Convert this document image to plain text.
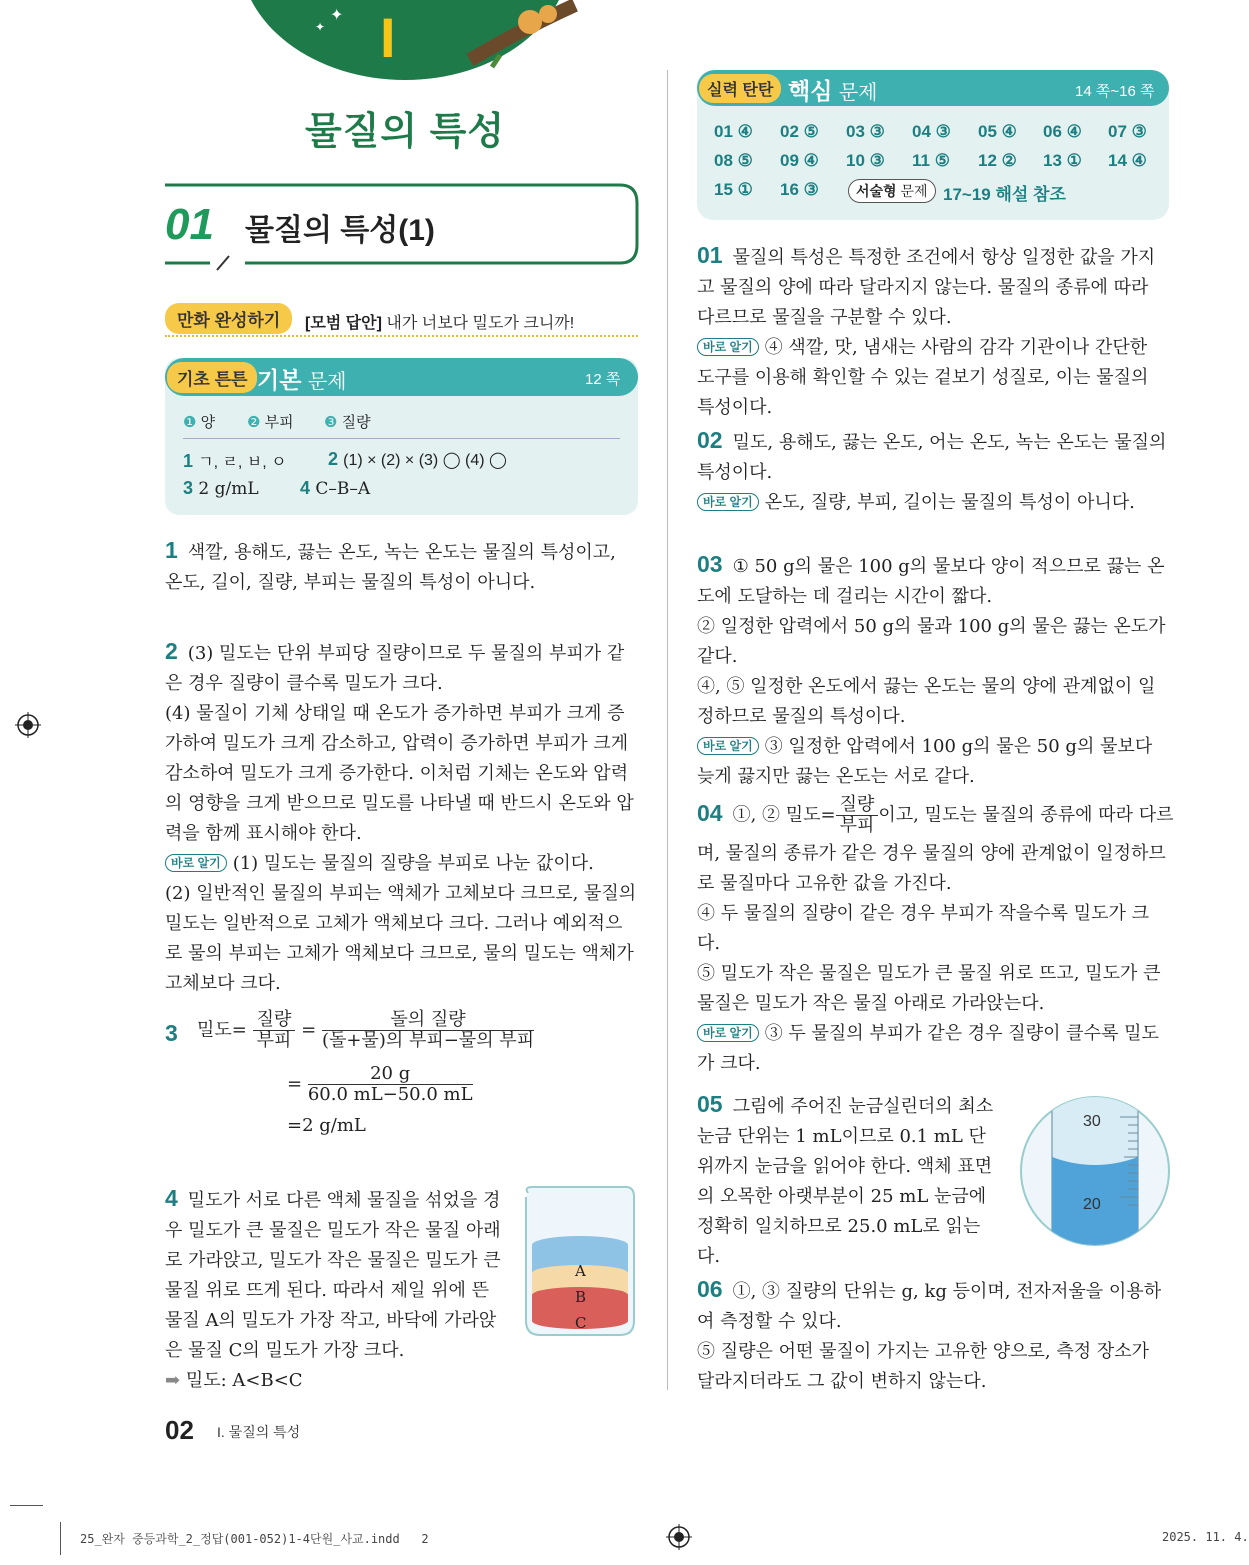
✦
✦ I
물질의 특성
01 물질의 특성(1)
만화 완성하기	[모범 답안] 내가 너보다 밀도가 크니까!
기초 튼튼 기본 문제	12 쪽
❶ 양 ❷ 부피 ❸ 질량
1 ㄱ, ㄹ, ㅂ, ㅇ 2 (1) × (2) × (3) ◯ (4) ◯
3 2 g/mL 4 C–B–A
1 색깔, 용해도, 끓는 온도, 녹는 온도는 물질의 특성이고, 온도, 길이, 질량, 부피는 물질의 특성이 아니다.
2 (3) 밀도는 단위 부피당 질량이므로 두 물질의 부피가 같은 경우 질량이 클수록 밀도가 크다.
(4) 물질이 기체 상태일 때 온도가 증가하면 부피가 크게 증가하여 밀도가 크게 감소하고, 압력이 증가하면 부피가 크게 감소하여 밀도가 크게 증가한다. 이처럼 기체는 온도와 압력의 영향을 크게 받으므로 밀도를 나타낼 때 반드시 온도와 압력을 함께 표시해야 한다.
바로 알기 (1) 밀도는 물질의 질량을 부피로 나눈 값이다.
(2) 일반적인 물질의 부피는 액체가 고체보다 크므로, 물질의 밀도는 일반적으로 고체가 액체보다 크다. 그러나 예외적으로 물의 부피는 고체가 액체보다 크므로, 물의 밀도는 액체가 고체보다 크다.
3 밀도= $\frac{\text{질량}}{\text{부피}} = \frac{\text{돌의 질량}}{\text{(돌+물)의 부피−물의 부피}}$
= $\frac{20 g}{60.0 mL-50.0 mL}$
=2 g/mL
4 밀도가 서로 다른 액체 물질을 섞었을 경우 밀도가 큰 물질은 밀도가 작은 물질 아래로 가라앉고, 밀도가 작은 물질은 밀도가 큰 물질 위로 뜨게 된다. 따라서 제일 위에 뜬 물질 A의 밀도가 가장 작고, 바닥에 가라앉은 물질 C의 밀도가 가장 크다.
➡ 밀도: A<B<C
A
B
C
실력 탄탄 핵심 문제	14 쪽~16 쪽
01 ④ 02 ⑤ 03 ③ 04 ③ 05 ④ 06 ④ 07 ③
08 ⑤ 09 ④ 10 ③ 11 ⑤ 12 ② 13 ① 14 ④
15 ① 16 ③	서술형 문제 17~19 해설 참조
01 물질의 특성은 특정한 조건에서 항상 일정한 값을 가지고 물질의 양에 따라 달라지지 않는다. 물질의 종류에 따라 다르므로 물질을 구분할 수 있다.
바로 알기 ④ 색깔, 맛, 냄새는 사람의 감각 기관이나 간단한 도구를 이용해 확인할 수 있는 겉보기 성질로, 이는 물질의 특성이다.
02 밀도, 용해도, 끓는 온도, 어는 온도, 녹는 온도는 물질의 특성이다.
바로 알기 온도, 질량, 부피, 길이는 물질의 특성이 아니다.
03 ① 50 g의 물은 100 g의 물보다 양이 적으므로 끓는 온도에 도달하는 데 걸리는 시간이 짧다.
② 일정한 압력에서 50 g의 물과 100 g의 물은 끓는 온도가 같다.
④, ⑤ 일정한 온도에서 끓는 온도는 물의 양에 관계없이 일정하므로 물질의 특성이다.
바로 알기 ③ 일정한 압력에서 100 g의 물은 50 g의 물보다 늦게 끓지만 끓는 온도는 서로 같다.
04 ①, ② 밀도= $\frac{\text{질량}}{\text{부피}}$ 이고, 밀도는 물질의 종류에 따라 다르
며, 물질의 종류가 같은 경우 물질의 양에 관계없이 일정하므로 물질마다 고유한 값을 가진다.
④ 두 물질의 질량이 같은 경우 부피가 작을수록 밀도가 크다.
⑤ 밀도가 작은 물질은 밀도가 큰 물질 위로 뜨고, 밀도가 큰 물질은 밀도가 작은 물질 아래로 가라앉는다.
바로 알기 ③ 두 물질의 부피가 같은 경우 질량이 클수록 밀도가 크다.
05 그림에 주어진 눈금실린더의 최소 눈금 단위는 1 mL이므로 0.1 mL 단위까지 눈금을 읽어야 한다. 액체 표면의 오목한 아랫부분이 25 mL 눈금에 정확히 일치하므로 25.0 mL로 읽는다.
30
20
06 ①, ③ 질량의 단위는 g, kg 등이며, 전자저울을 이용하여 측정할 수 있다.
⑤ 질량은 어떤 물질이 가지는 고유한 양으로, 측정 장소가 달라지더라도 그 값이 변하지 않는다.
02 I. 물질의 특성
25_완자 중등과학_2_정답(001-052)1-4단원_사교.indd   2	2025. 11. 4.
